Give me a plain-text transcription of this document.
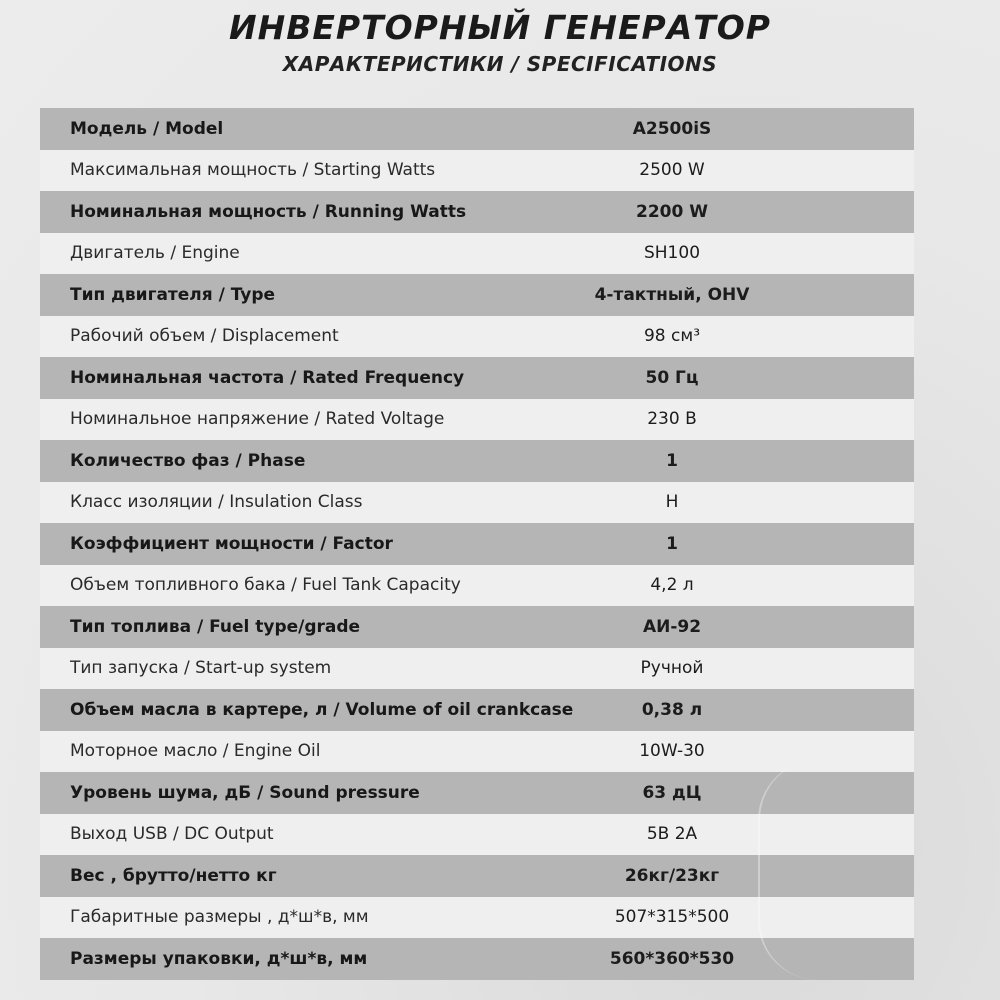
ИНВЕРТОРНЫЙ ГЕНЕРАТОР
ХАРАКТЕРИСТИКИ / SPECIFICATIONS
Модель / Model	A2500iS
Максимальная мощность / Starting Watts	2500 W
Номинальная мощность / Running Watts	2200 W
Двигатель / Engine	SH100
Тип двигателя / Type	4-тактный, OHV
Рабочий объем / Displacement	98 см³
Номинальная частота / Rated Frequency	50 Гц
Номинальное напряжение / Rated Voltage	230 В
Количество фаз / Phase	1
Класс изоляции / Insulation Class	H
Коэффициент мощности / Factor	1
Объем топливного бака / Fuel Tank Capacity	4,2 л
Тип топлива / Fuel type/grade	АИ-92
Тип запуска / Start-up system	Ручной
Объем масла в картере, л / Volume of oil crankcase	0,38 л
Моторное масло / Engine Oil	10W-30
Уровень шума, дБ / Sound pressure	63 дЦ
Выход USB / DC Output	5В 2А
Вес , брутто/нетто кг	26кг/23кг
Габаритные размеры , д*ш*в, мм	507*315*500
Размеры упаковки, д*ш*в, мм	560*360*530
